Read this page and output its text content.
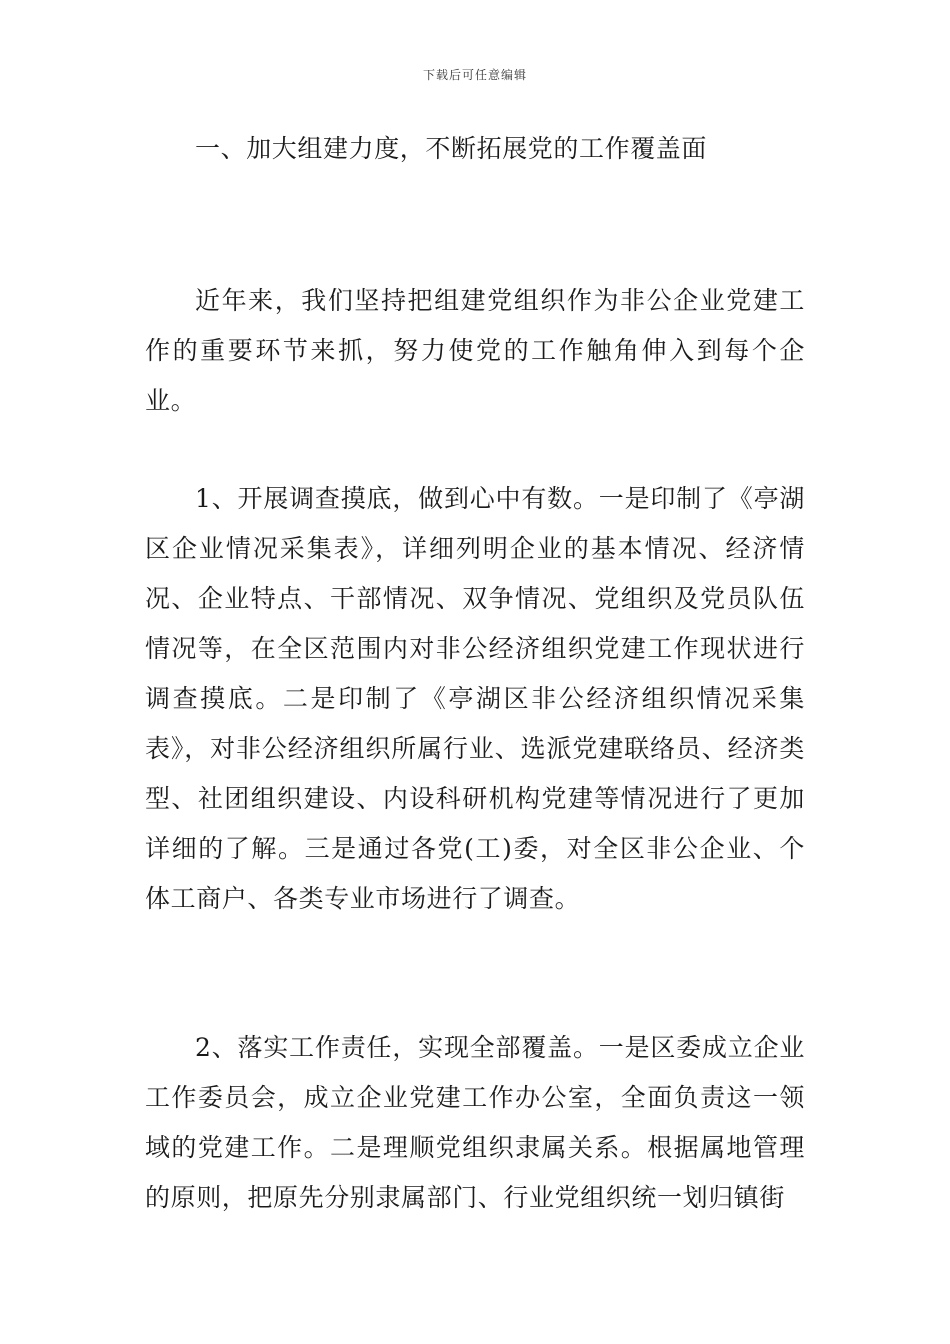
下载后可任意编辑

一、加大组建力度，不断拓展党的工作覆盖面

近年来，我们坚持把组建党组织作为非公企业党建工作的重要环节来抓，努力使党的工作触角伸入到每个企业。

1、开展调查摸底，做到心中有数。一是印制了《亭湖区企业情况采集表》，详细列明企业的基本情况、经济情况、企业特点、干部情况、双争情况、党组织及党员队伍情况等，在全区范围内对非公经济组织党建工作现状进行调查摸底。二是印制了《亭湖区非公经济组织情况采集表》，对非公经济组织所属行业、选派党建联络员、经济类型、社团组织建设、内设科研机构党建等情况进行了更加详细的了解。三是通过各党(工)委，对全区非公企业、个体工商户、各类专业市场进行了调查。

2、落实工作责任，实现全部覆盖。一是区委成立企业工作委员会，成立企业党建工作办公室，全面负责这一领域的党建工作。二是理顺党组织隶属关系。根据属地管理的原则，把原先分别隶属部门、行业党组织统一划归镇街
